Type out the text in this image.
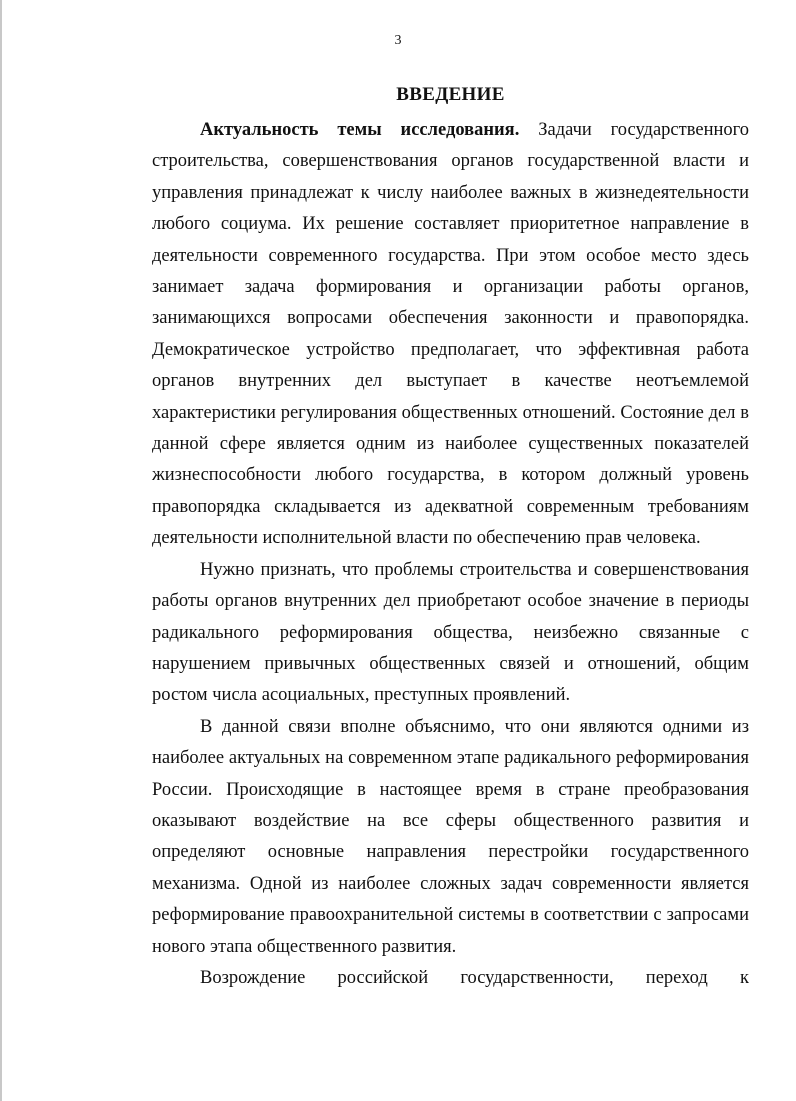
3
ВВЕДЕНИЕ

Актуальность темы исследования. Задачи государственного строительства, совершенствования органов государственной власти и управления принадлежат к числу наиболее важных в жизнедеятельности любого социума. Их решение составляет приоритетное направление в деятельности современного государства. При этом особое место здесь занимает задача формирования и организации работы органов, занимающихся вопросами обеспечения законности и правопорядка. Демократическое устройство предполагает, что эффективная работа органов внутренних дел выступает в качестве неотъемлемой характеристики регулирования общественных отношений. Состояние дел в данной сфере является одним из наиболее существенных показателей жизнеспособности любого государства, в котором должный уровень правопорядка складывается из адекватной современным требованиям деятельности исполнительной власти по обеспечению прав человека.

Нужно признать, что проблемы строительства и совершенствования работы органов внутренних дел приобретают особое значение в периоды радикального реформирования общества, неизбежно связанные с нарушением привычных общественных связей и отношений, общим ростом числа асоциальных, преступных проявлений.

В данной связи вполне объяснимо, что они являются одними из наиболее актуальных на современном этапе радикального реформирования России. Происходящие в настоящее время в стране преобразования оказывают воздействие на все сферы общественного развития и определяют основные направления перестройки государственного механизма. Одной из наиболее сложных задач современности является реформирование правоохранительной системы в соответствии с запросами нового этапа общественного развития.

Возрождение российской государственности, переход к
